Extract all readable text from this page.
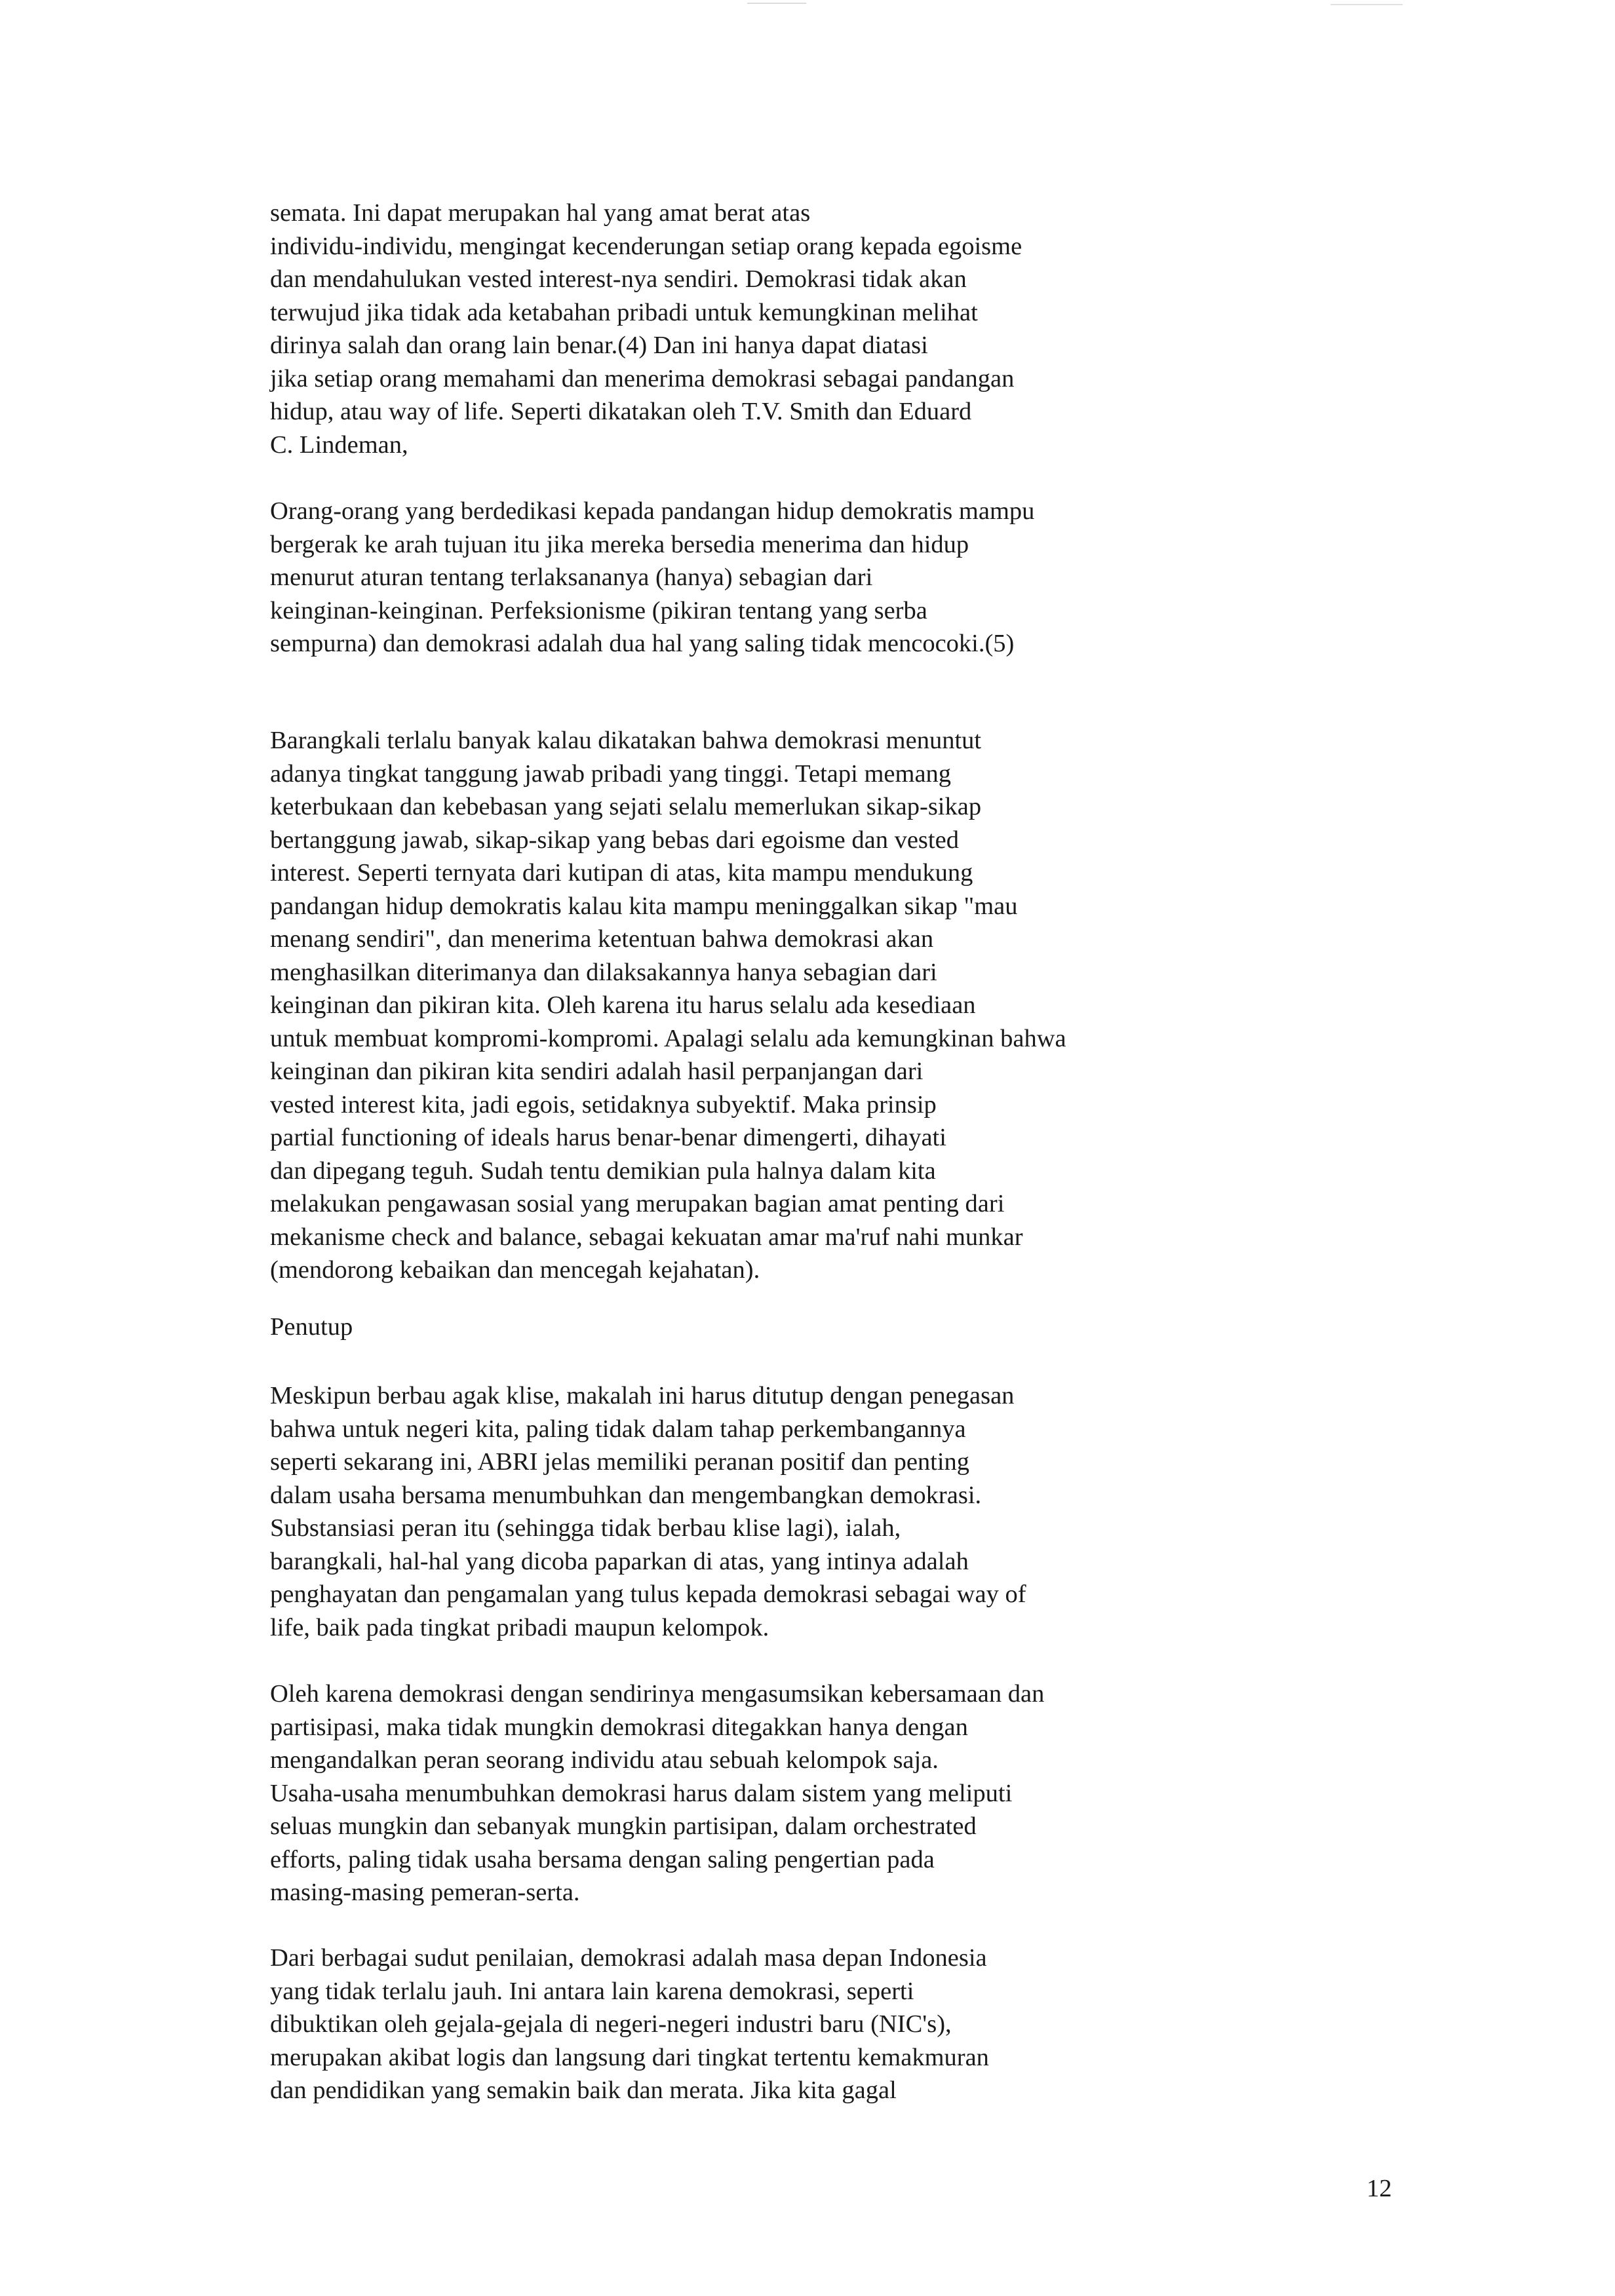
semata. Ini dapat merupakan hal yang amat berat atas
individu-individu, mengingat kecenderungan setiap orang kepada egoisme
dan mendahulukan vested interest-nya sendiri. Demokrasi tidak akan
terwujud jika tidak ada ketabahan pribadi untuk kemungkinan melihat
dirinya salah dan orang lain benar.(4) Dan ini hanya dapat diatasi
jika setiap orang memahami dan menerima demokrasi sebagai pandangan
hidup, atau way of life. Seperti dikatakan oleh T.V. Smith dan Eduard
C. Lindeman,
Orang-orang yang berdedikasi kepada pandangan hidup demokratis mampu
bergerak ke arah tujuan itu jika mereka bersedia menerima dan hidup
menurut aturan tentang terlaksananya (hanya) sebagian dari
keinginan-keinginan. Perfeksionisme (pikiran tentang yang serba
sempurna) dan demokrasi adalah dua hal yang saling tidak mencocoki.(5)
Barangkali terlalu banyak kalau dikatakan bahwa demokrasi menuntut
adanya tingkat tanggung jawab pribadi yang tinggi. Tetapi memang
keterbukaan dan kebebasan yang sejati selalu memerlukan sikap-sikap
bertanggung jawab, sikap-sikap yang bebas dari egoisme dan vested
interest. Seperti ternyata dari kutipan di atas, kita mampu mendukung
pandangan hidup demokratis kalau kita mampu meninggalkan sikap "mau
menang sendiri", dan menerima ketentuan bahwa demokrasi akan
menghasilkan diterimanya dan dilaksakannya hanya sebagian dari
keinginan dan pikiran kita. Oleh karena itu harus selalu ada kesediaan
untuk membuat kompromi-kompromi. Apalagi selalu ada kemungkinan bahwa
keinginan dan pikiran kita sendiri adalah hasil perpanjangan dari
vested interest kita, jadi egois, setidaknya subyektif. Maka prinsip
partial functioning of ideals harus benar-benar dimengerti, dihayati
dan dipegang teguh. Sudah tentu demikian pula halnya dalam kita
melakukan pengawasan sosial yang merupakan bagian amat penting dari
mekanisme check and balance, sebagai kekuatan amar ma'ruf nahi munkar
(mendorong kebaikan dan mencegah kejahatan).
Penutup
Meskipun berbau agak klise, makalah ini harus ditutup dengan penegasan
bahwa untuk negeri kita, paling tidak dalam tahap perkembangannya
seperti sekarang ini, ABRI jelas memiliki peranan positif dan penting
dalam usaha bersama menumbuhkan dan mengembangkan demokrasi.
Substansiasi peran itu (sehingga tidak berbau klise lagi), ialah,
barangkali, hal-hal yang dicoba paparkan di atas, yang intinya adalah
penghayatan dan pengamalan yang tulus kepada demokrasi sebagai way of
life, baik pada tingkat pribadi maupun kelompok.
Oleh karena demokrasi dengan sendirinya mengasumsikan kebersamaan dan
partisipasi, maka tidak mungkin demokrasi ditegakkan hanya dengan
mengandalkan peran seorang individu atau sebuah kelompok saja.
Usaha-usaha menumbuhkan demokrasi harus dalam sistem yang meliputi
seluas mungkin dan sebanyak mungkin partisipan, dalam orchestrated
efforts, paling tidak usaha bersama dengan saling pengertian pada
masing-masing pemeran-serta.
Dari berbagai sudut penilaian, demokrasi adalah masa depan Indonesia
yang tidak terlalu jauh. Ini antara lain karena demokrasi, seperti
dibuktikan oleh gejala-gejala di negeri-negeri industri baru (NIC's),
merupakan akibat logis dan langsung dari tingkat tertentu kemakmuran
dan pendidikan yang semakin baik dan merata. Jika kita gagal
12
